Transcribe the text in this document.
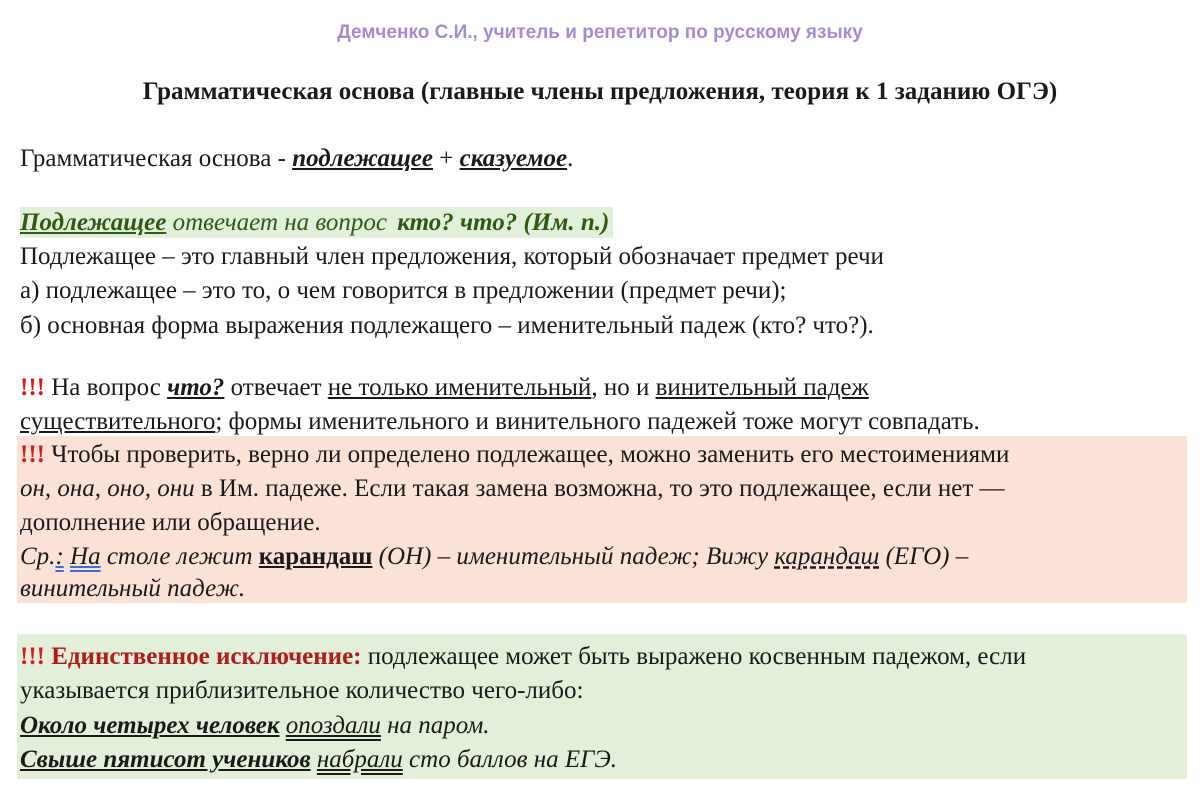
Демченко С.И., учитель и репетитор по русскому языку
Грамматическая основа (главные члены предложения, теория к 1 заданию ОГЭ)
Грамматическая основа - подлежащее + сказуемое.
Подлежащее отвечает на вопрос кто? что? (Им. п.)
Подлежащее – это главный член предложения, который обозначает предмет речи
а) подлежащее – это то, о чем говорится в предложении (предмет речи);
б) основная форма выражения подлежащего – именительный падеж (кто? что?).
!!! На вопрос что? отвечает не только именительный, но и винительный падеж
существительного; формы именительного и винительного падежей тоже могут совпадать.
!!! Чтобы проверить, верно ли определено подлежащее, можно заменить его местоимениями
он, она, оно, они в Им. падеже. Если такая замена возможна, то это подлежащее, если нет —
дополнение или обращение.
Ср.: На столе лежит карандаш (ОН) – именительный падеж; Вижу карандаш (ЕГО) –
винительный падеж.
!!! Единственное исключение: подлежащее может быть выражено косвенным падежом, если
указывается приблизительное количество чего-либо:
Около четырех человек опоздали на паром.
Свыше пятисот учеников набрали сто баллов на ЕГЭ.
